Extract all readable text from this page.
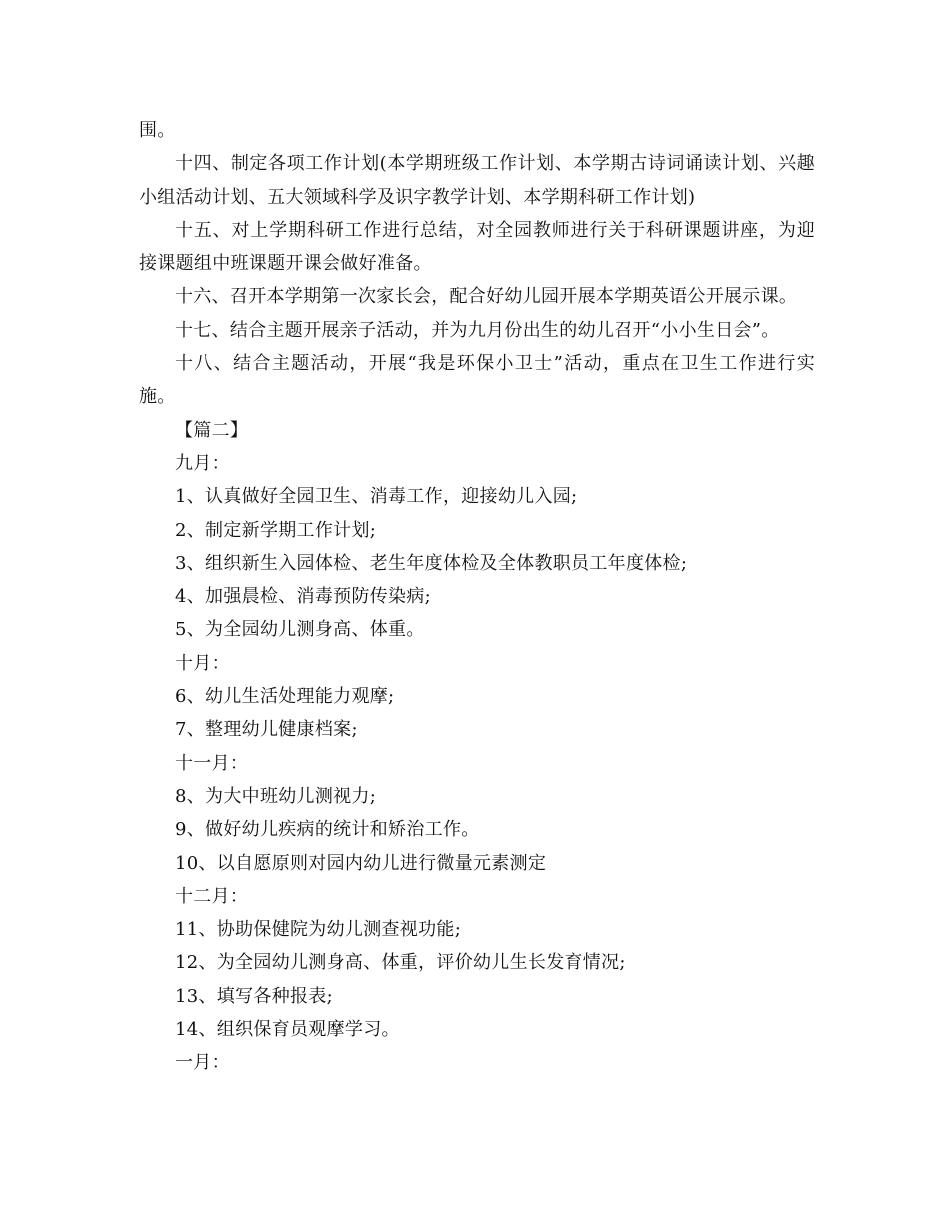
围。

十四、制定各项工作计划(本学期班级工作计划、本学期古诗词诵读计划、兴趣小组活动计划、五大领域科学及识字教学计划、本学期科研工作计划)

十五、对上学期科研工作进行总结，对全园教师进行关于科研课题讲座，为迎接课题组中班课题开课会做好准备。

十六、召开本学期第一次家长会，配合好幼儿园开展本学期英语公开展示课。

十七、结合主题开展亲子活动，并为九月份出生的幼儿召开“小小生日会”。

十八、结合主题活动，开展“我是环保小卫士”活动，重点在卫生工作进行实施。

【篇二】

九月：

1、认真做好全园卫生、消毒工作，迎接幼儿入园;

2、制定新学期工作计划;

3、组织新生入园体检、老生年度体检及全体教职员工年度体检;

4、加强晨检、消毒预防传染病;

5、为全园幼儿测身高、体重。

十月：

6、幼儿生活处理能力观摩;

7、整理幼儿健康档案;

十一月：

8、为大中班幼儿测视力;

9、做好幼儿疾病的统计和矫治工作。

10、以自愿原则对园内幼儿进行微量元素测定

十二月：

11、协助保健院为幼儿测查视功能;

12、为全园幼儿测身高、体重，评价幼儿生长发育情况;

13、填写各种报表;

14、组织保育员观摩学习。

一月：
